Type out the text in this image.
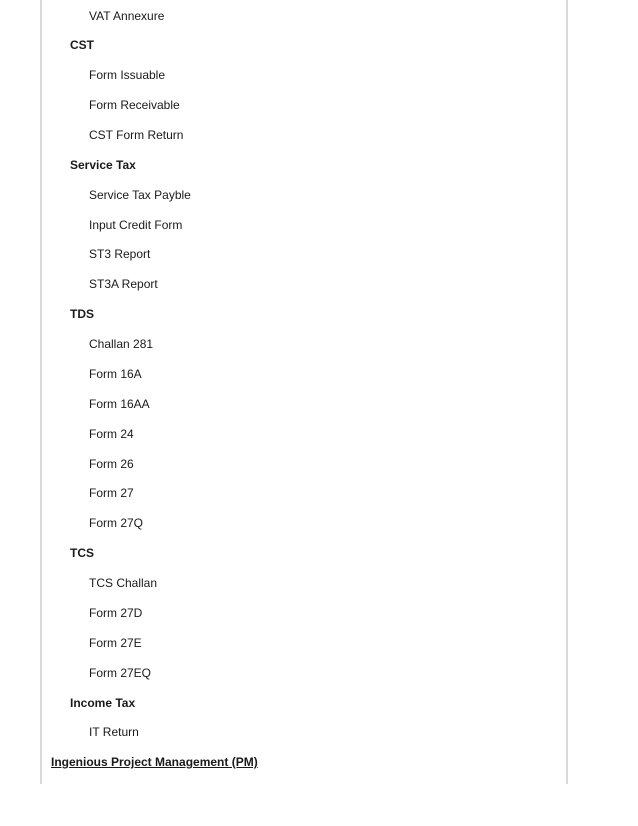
VAT Annexure
CST
Form Issuable
Form Receivable
CST Form Return
Service Tax
Service Tax Payble
Input Credit Form
ST3 Report
ST3A Report
TDS
Challan 281
Form 16A
Form 16AA
Form 24
Form 26
Form 27
Form 27Q
TCS
TCS Challan
Form 27D
Form 27E
Form 27EQ
Income Tax
IT Return
Ingenious Project Management (PM)
